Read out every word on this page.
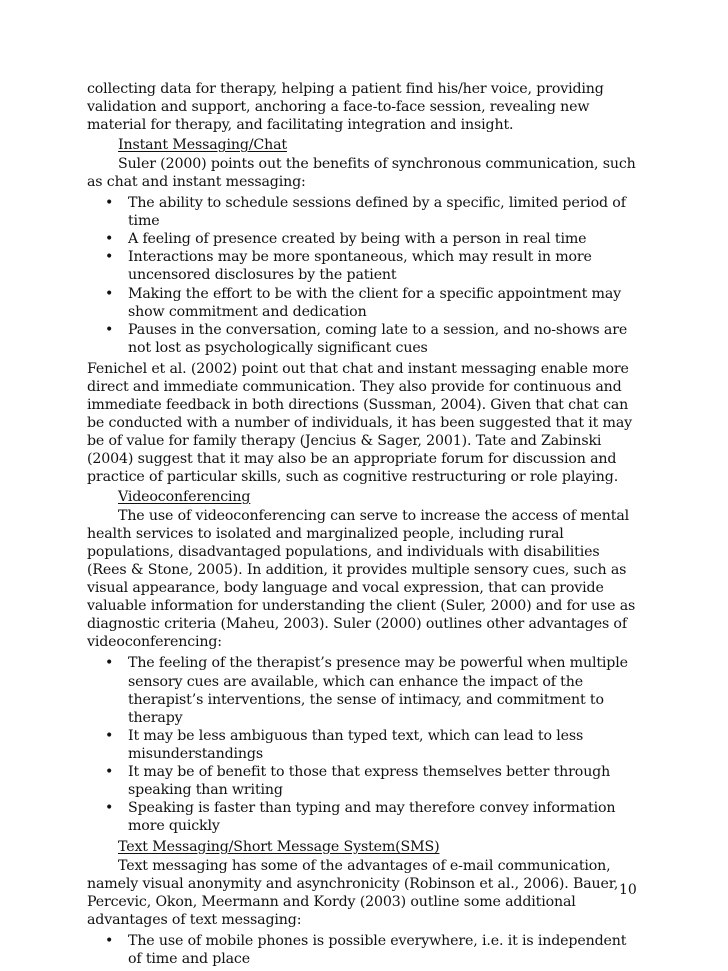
collecting data for therapy, helping a patient find his/her voice, providing validation and support, anchoring a face-to-face session, revealing new material for therapy, and facilitating integration and insight.

Instant Messaging/Chat

Suler (2000) points out the benefits of synchronous communication, such as chat and instant messaging:

• The ability to schedule sessions defined by a specific, limited period of time
• A feeling of presence created by being with a person in real time
• Interactions may be more spontaneous, which may result in more uncensored disclosures by the patient
• Making the effort to be with the client for a specific appointment may show commitment and dedication
• Pauses in the conversation, coming late to a session, and no-shows are not lost as psychologically significant cues

Fenichel et al. (2002) point out that chat and instant messaging enable more direct and immediate communication. They also provide for continuous and immediate feedback in both directions (Sussman, 2004). Given that chat can be conducted with a number of individuals, it has been suggested that it may be of value for family therapy (Jencius & Sager, 2001). Tate and Zabinski (2004) suggest that it may also be an appropriate forum for discussion and practice of particular skills, such as cognitive restructuring or role playing.

Videoconferencing

The use of videoconferencing can serve to increase the access of mental health services to isolated and marginalized people, including rural populations, disadvantaged populations, and individuals with disabilities (Rees & Stone, 2005). In addition, it provides multiple sensory cues, such as visual appearance, body language and vocal expression, that can provide valuable information for understanding the client (Suler, 2000) and for use as diagnostic criteria (Maheu, 2003). Suler (2000) outlines other advantages of videoconferencing:

• The feeling of the therapist’s presence may be powerful when multiple sensory cues are available, which can enhance the impact of the therapist’s interventions, the sense of intimacy, and commitment to therapy
• It may be less ambiguous than typed text, which can lead to less misunderstandings
• It may be of benefit to those that express themselves better through speaking than writing
• Speaking is faster than typing and may therefore convey information more quickly

Text Messaging/Short Message System(SMS)

Text messaging has some of the advantages of e-mail communication, namely visual anonymity and asynchronicity (Robinson et al., 2006). Bauer, Percevic, Okon, Meermann and Kordy (2003) outline some additional advantages of text messaging:

• The use of mobile phones is possible everywhere, i.e. it is independent of time and place
10
